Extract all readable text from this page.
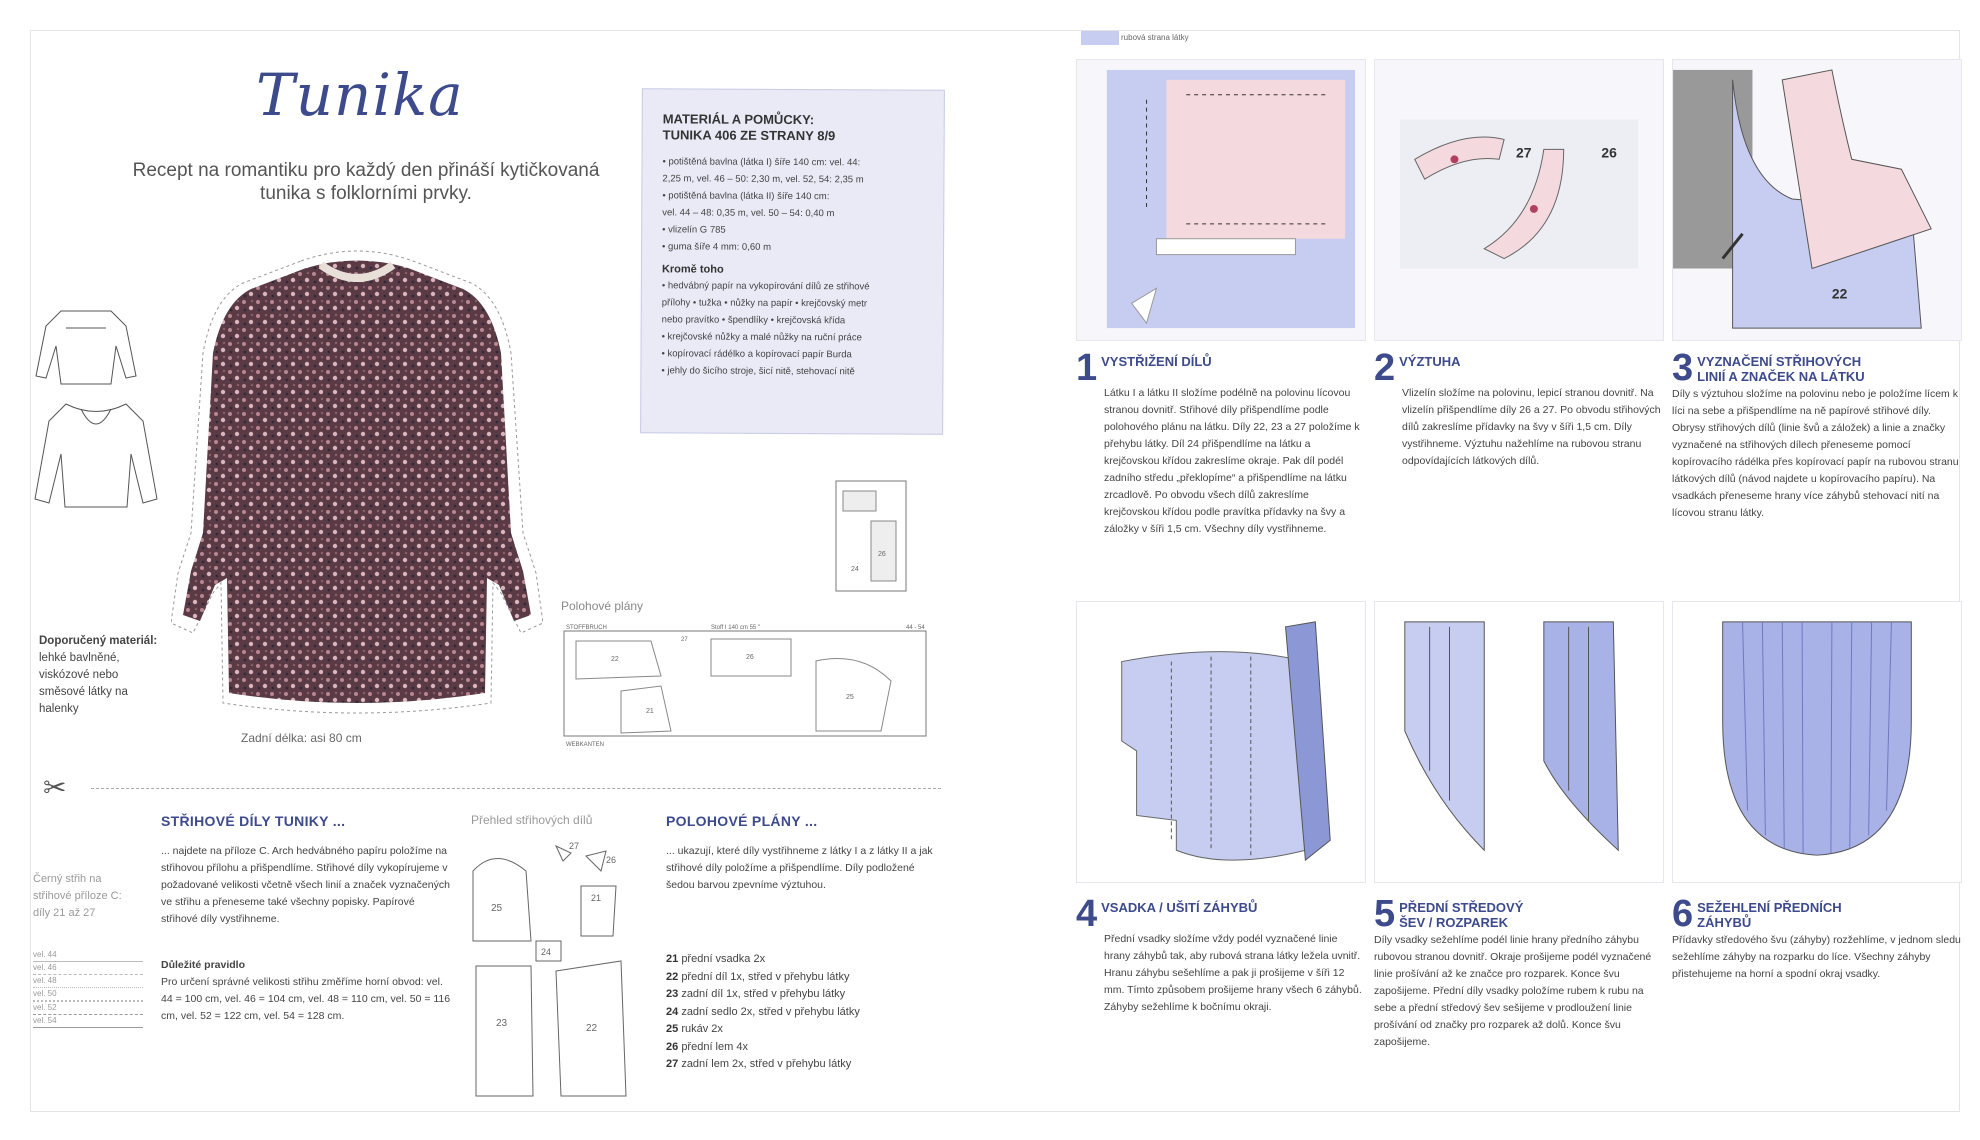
Tunika
Recept na romantiku pro každý den přináší kytičkovaná tunika s folklorními prvky.
MATERIÁL A POMŮCKY:
TUNIKA 406 ZE STRANY 8/9
• potištěná bavlna (látka I) šíře 140 cm: vel. 44:
2,25 m, vel. 46 – 50: 2,30 m, vel. 52, 54: 2,35 m
• potištěná bavlna (látka II) šíře 140 cm:
vel. 44 – 48: 0,35 m, vel. 50 – 54: 0,40 m
• vlizelín G 785
• guma šíře 4 mm: 0,60 m
Kromě toho
• hedvábný papír na vykopírování dílů ze střihové
přílohy • tužka • nůžky na papír • krejčovský metr
nebo pravítko • špendlíky • krejčovská křída
• krejčovské nůžky a malé nůžky na ruční práce
• kopírovací rádélko a kopírovací papír Burda
• jehly do šicího stroje, šicí nitě, stehovací nitě
Doporučený materiál: lehké bavlněné, viskózové nebo směsové látky na halenky
Zadní délka: asi 80 cm
26
24
Polohové plány
STOFFBRUCH	Stoff I 140 cm 55 "	44 - 54
WEBKANTEN
22	26
21
25
27
✂
STŘIHOVÉ DÍLY TUNIKY ...
... najdete na příloze C. Arch hedvábného papíru položíme na střihovou přílohu a přišpendlíme. Střihové díly vykopírujeme v požadované velikosti včetně všech linií a značek vyznačených ve střihu a přeneseme také všechny popisky. Papírové střihové díly vystřihneme.
Důležité pravidlo
Pro určení správné velikosti střihu změříme horní obvod: vel. 44 = 100 cm, vel. 46 = 104 cm, vel. 48 = 110 cm, vel. 50 = 116 cm, vel. 52 = 122 cm, vel. 54 = 128 cm.
Černý střih na střihové příloze C: díly 21 až 27
vel. 44
vel. 46
vel. 48
vel. 50
vel. 52
vel. 54
Přehled střihových dílů
25
27
26
21
24
23	22
POLOHOVÉ PLÁNY ...
... ukazují, které díly vystřihneme z látky I a z látky II a jak střihové díly položíme a přišpendlíme. Díly podložené šedou barvou zpevníme výztuhou.
21 přední vsadka 2x
22 přední díl 1x, střed v přehybu látky
23 zadní díl 1x, střed v přehybu látky
24 zadní sedlo 2x, střed v přehybu látky
25 rukáv 2x
26 přední lem 4x
27 zadní lem 2x, střed v přehybu látky
rubová strana látky
27	26
22
1 VYSTŘIŽENÍ DÍLŮ
Látku I a látku II složíme podélně na polovinu lícovou stranou dovnitř. Střihové díly přišpendlíme podle polohového plánu na látku. Díly 22, 23 a 27 položíme k přehybu látky. Díl 24 přišpendlíme na látku a krejčovskou křídou zakreslíme okraje. Pak díl podél zadního středu „překlopíme“ a přišpendlíme na látku zrcadlově. Po obvodu všech dílů zakreslíme krejčovskou křídou podle pravítka přídavky na švy a záložky v šíři 1,5 cm. Všechny díly vystřihneme.
2 VÝZTUHA
Vlizelín složíme na polovinu, lepicí stranou dovnitř. Na vlizelín přišpendlíme díly 26 a 27. Po obvodu střihových dílů zakreslíme přídavky na švy v šíři 1,5 cm. Díly vystřihneme. Výztuhu nažehlíme na rubovou stranu odpovídajících látkových dílů.
3 VYZNAČENÍ STŘIHOVÝCH
LINIÍ A ZNAČEK NA LÁTKU
Díly s výztuhou složíme na polovinu nebo je položíme lícem k líci na sebe a přišpendlíme na ně papírové střihové díly. Obrysy střihových dílů (linie švů a záložek) a linie a značky vyznačené na střihových dílech přeneseme pomocí kopírovacího rádélka přes kopírovací papír na rubovou stranu látkových dílů (návod najdete u kopírovacího papíru). Na vsadkách přeneseme hrany více záhybů stehovací nití na lícovou stranu látky.
4 VSADKA / UŠITÍ ZÁHYBŮ
Přední vsadky složíme vždy podél vyznačené linie hrany záhybů tak, aby rubová strana látky ležela uvnitř. Hranu záhybu sešehlíme a pak ji prošijeme v šíři 12 mm. Tímto způsobem prošijeme hrany všech 6 záhybů. Záhyby sežehlíme k bočnímu okraji.
5 PŘEDNÍ STŘEDOVÝ
ŠEV / ROZPAREK
Díly vsadky sežehlíme podél linie hrany předního záhybu rubovou stranou dovnitř. Okraje prošijeme podél vyznačené linie prošívání až ke značce pro rozparek. Konce švu zapošijeme. Přední díly vsadky položíme rubem k rubu na sebe a přední středový šev sešijeme v prodloužení linie prošívání od značky pro rozparek až dolů. Konce švu zapošijeme.
6 SEŽEHLENÍ PŘEDNÍCH
ZÁHYBŮ
Přídavky středového švu (záhyby) rozžehlíme, v jednom sledu sežehlíme záhyby na rozparku do líce. Všechny záhyby přistehujeme na horní a spodní okraj vsadky.
